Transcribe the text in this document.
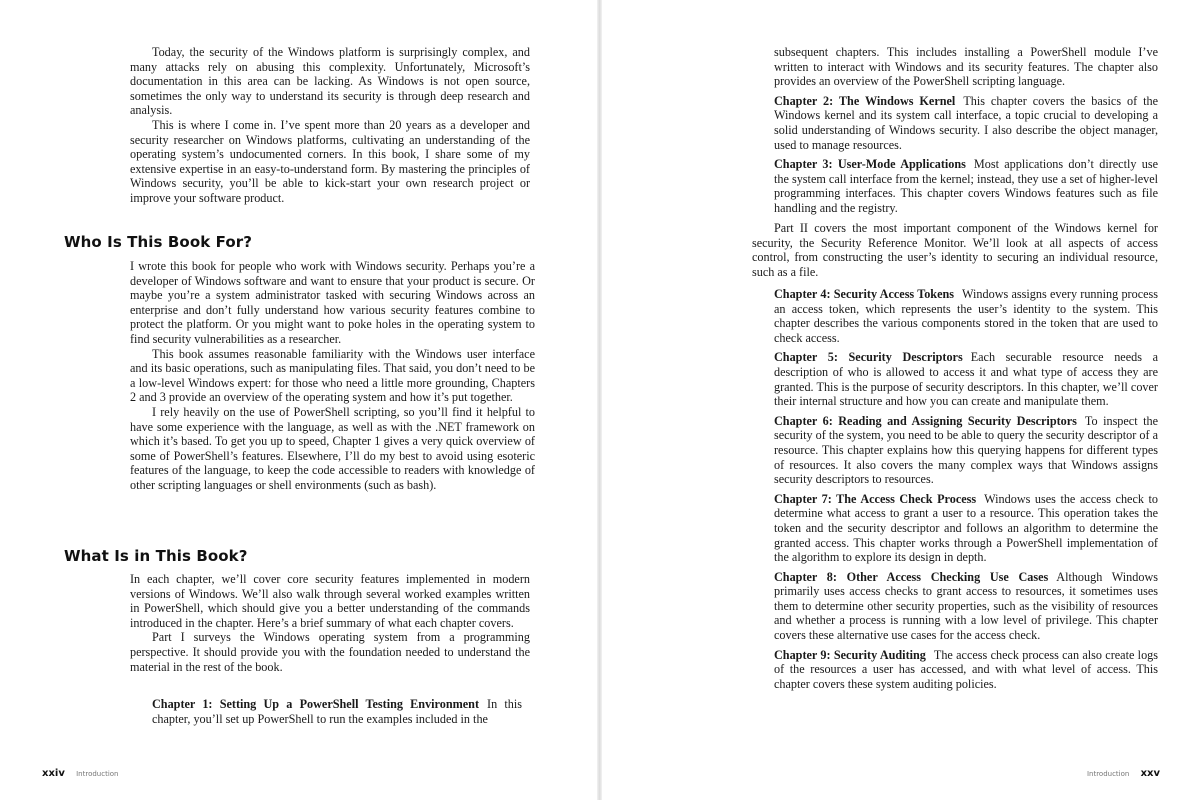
Today, the security of the Windows platform is surprisingly complex, and many attacks rely on abusing this complexity. Unfortunately, Microsoft’s documentation in this area can be lacking. As Windows is not open source, sometimes the only way to understand its security is through deep research and analysis.

This is where I come in. I’ve spent more than 20 years as a developer and security researcher on Windows platforms, cultivating an understanding of the operating system’s undocumented corners. In this book, I share some of my extensive expertise in an easy-to-understand form. By mastering the principles of Windows security, you’ll be able to kick-start your own research project or improve your software product.

Who Is This Book For?

I wrote this book for people who work with Windows security. Perhaps you’re a developer of Windows software and want to ensure that your product is secure. Or maybe you’re a system administrator tasked with securing Windows across an enterprise and don’t fully understand how various security features combine to protect the platform. Or you might want to poke holes in the operating system to find security vulnerabilities as a researcher.

This book assumes reasonable familiarity with the Windows user interface and its basic operations, such as manipulating files. That said, you don’t need to be a low-level Windows expert: for those who need a little more grounding, Chapters 2 and 3 provide an overview of the operating system and how it’s put together.

I rely heavily on the use of PowerShell scripting, so you’ll find it helpful to have some experience with the language, as well as with the .NET framework on which it’s based. To get you up to speed, Chapter 1 gives a very quick overview of some of PowerShell’s features. Elsewhere, I’ll do my best to avoid using esoteric features of the language, to keep the code accessible to readers with knowledge of other scripting languages or shell environments (such as bash).

What Is in This Book?

In each chapter, we’ll cover core security features implemented in modern versions of Windows. We’ll also walk through several worked examples written in PowerShell, which should give you a better understanding of the commands introduced in the chapter. Here’s a brief summary of what each chapter covers.

Part I surveys the Windows operating system from a programming perspective. It should provide you with the foundation needed to understand the material in the rest of the book.

Chapter 1: Setting Up a PowerShell Testing Environment In this chapter, you’ll set up PowerShell to run the examples included in the
xxiv Introduction
subsequent chapters. This includes installing a PowerShell module I’ve written to interact with Windows and its security features. The chapter also provides an overview of the PowerShell scripting language.
Chapter 2: The Windows Kernel This chapter covers the basics of the Windows kernel and its system call interface, a topic crucial to developing a solid understanding of Windows security. I also describe the object manager, used to manage resources.
Chapter 3: User-Mode Applications Most applications don’t directly use the system call interface from the kernel; instead, they use a set of higher-level programming interfaces. This chapter covers Windows features such as file handling and the registry.

Part II covers the most important component of the Windows kernel for security, the Security Reference Monitor. We’ll look at all aspects of access control, from constructing the user’s identity to securing an individual resource, such as a file.

Chapter 4: Security Access Tokens Windows assigns every running process an access token, which represents the user’s identity to the system. This chapter describes the various components stored in the token that are used to check access.
Chapter 5: Security Descriptors Each securable resource needs a description of who is allowed to access it and what type of access they are granted. This is the purpose of security descriptors. In this chapter, we’ll cover their internal structure and how you can create and manipulate them.
Chapter 6: Reading and Assigning Security Descriptors To inspect the security of the system, you need to be able to query the security descriptor of a resource. This chapter explains how this querying happens for different types of resources. It also covers the many complex ways that Windows assigns security descriptors to resources.
Chapter 7: The Access Check Process Windows uses the access check to determine what access to grant a user to a resource. This operation takes the token and the security descriptor and follows an algorithm to determine the granted access. This chapter works through a PowerShell implementation of the algorithm to explore its design in depth.
Chapter 8: Other Access Checking Use Cases Although Windows primarily uses access checks to grant access to resources, it sometimes uses them to determine other security properties, such as the visibility of resources and whether a process is running with a low level of privilege. This chapter covers these alternative use cases for the access check.
Chapter 9: Security Auditing The access check process can also create logs of the resources a user has accessed, and with what level of access. This chapter covers these system auditing policies.
Introduction xxv
